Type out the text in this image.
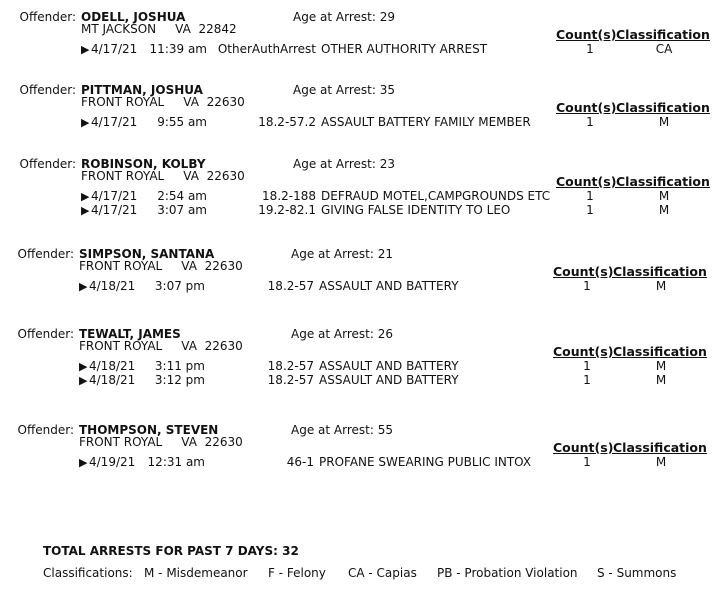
Offender: ODELL, JOSHUA
MT JACKSON     VA  22842
Age at Arrest: 29
Count(s) Classification
▶ 4/17/21 11:39 am OtherAuthArrest OTHER AUTHORITY ARREST	1	CA
Offender: PITTMAN, JOSHUA
FRONT ROYAL     VA  22630
Age at Arrest: 35
Count(s) Classification
▶ 4/17/21 9:55 am	18.2-57.2 ASSAULT BATTERY FAMILY MEMBER	1	M
Offender: ROBINSON, KOLBY
FRONT ROYAL     VA  22630
Age at Arrest: 23
Count(s) Classification
▶ 4/17/21 2:54 am	18.2-188 DEFRAUD MOTEL,CAMPGROUNDS ETC	1	M
▶ 4/17/21 3:07 am	19.2-82.1 GIVING FALSE IDENTITY TO LEO	1	M
Offender: SIMPSON, SANTANA
FRONT ROYAL     VA  22630
Age at Arrest: 21
Count(s) Classification
▶ 4/18/21 3:07 pm	18.2-57 ASSAULT AND BATTERY	1	M
Offender: TEWALT, JAMES
FRONT ROYAL     VA  22630
Age at Arrest: 26
Count(s) Classification
▶ 4/18/21 3:11 pm	18.2-57 ASSAULT AND BATTERY	1	M
▶ 4/18/21 3:12 pm	18.2-57 ASSAULT AND BATTERY	1	M
Offender: THOMPSON, STEVEN
FRONT ROYAL     VA  22630
Age at Arrest: 55
Count(s) Classification
▶ 4/19/21 12:31 am	46-1 PROFANE SWEARING PUBLIC INTOX	1	M
TOTAL ARRESTS FOR PAST 7 DAYS: 32
Classifications: M - Misdemeanor F - Felony CA - Capias PB - Probation Violation S - Summons
